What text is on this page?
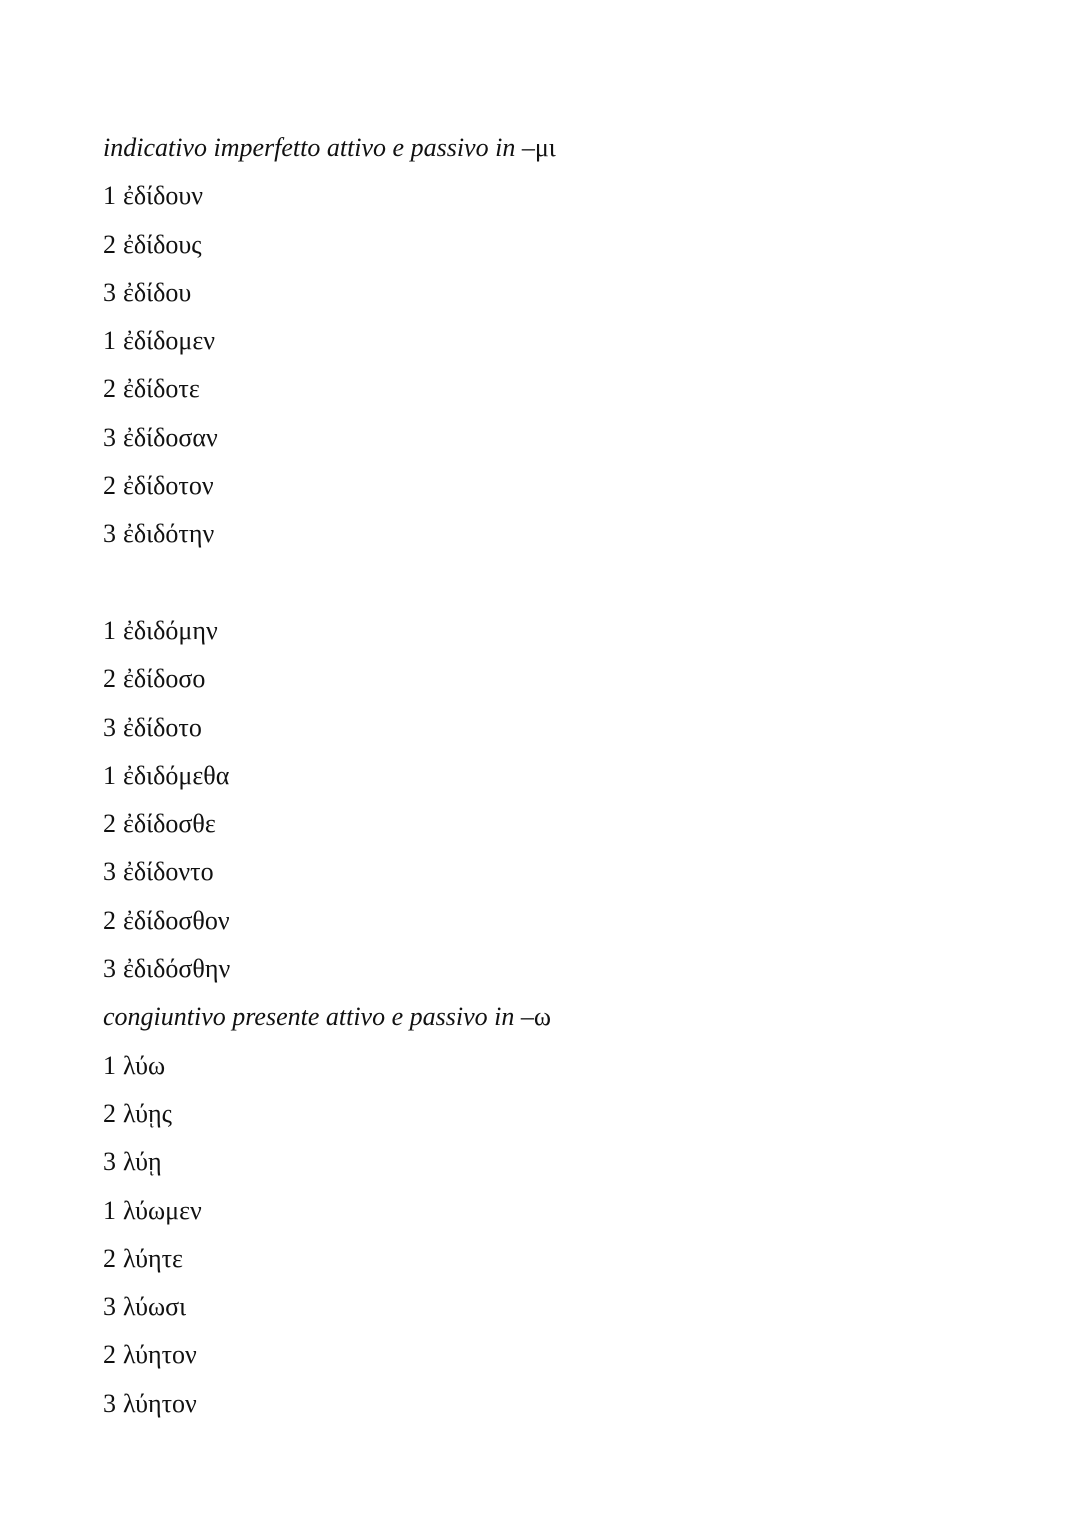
indicativo imperfetto attivo e passivo in –μι
1 ἐδίδουν
2 ἐδίδους
3 ἐδίδου
1 ἐδίδομεν
2 ἐδίδοτε
3 ἐδίδοσαν
2 ἐδίδοτον
3 ἐδιδότην
1 ἐδιδόμην
2 ἐδίδοσο
3 ἐδίδοτο
1 ἐδιδόμεθα
2 ἐδίδοσθε
3 ἐδίδοντο
2 ἐδίδοσθον
3 ἐδιδόσθην
congiuntivo presente attivo e passivo in –ω
1 λύω
2 λύῃς
3 λύῃ
1 λύωμεν
2 λύητε
3 λύωσι
2 λύητον
3 λύητον
